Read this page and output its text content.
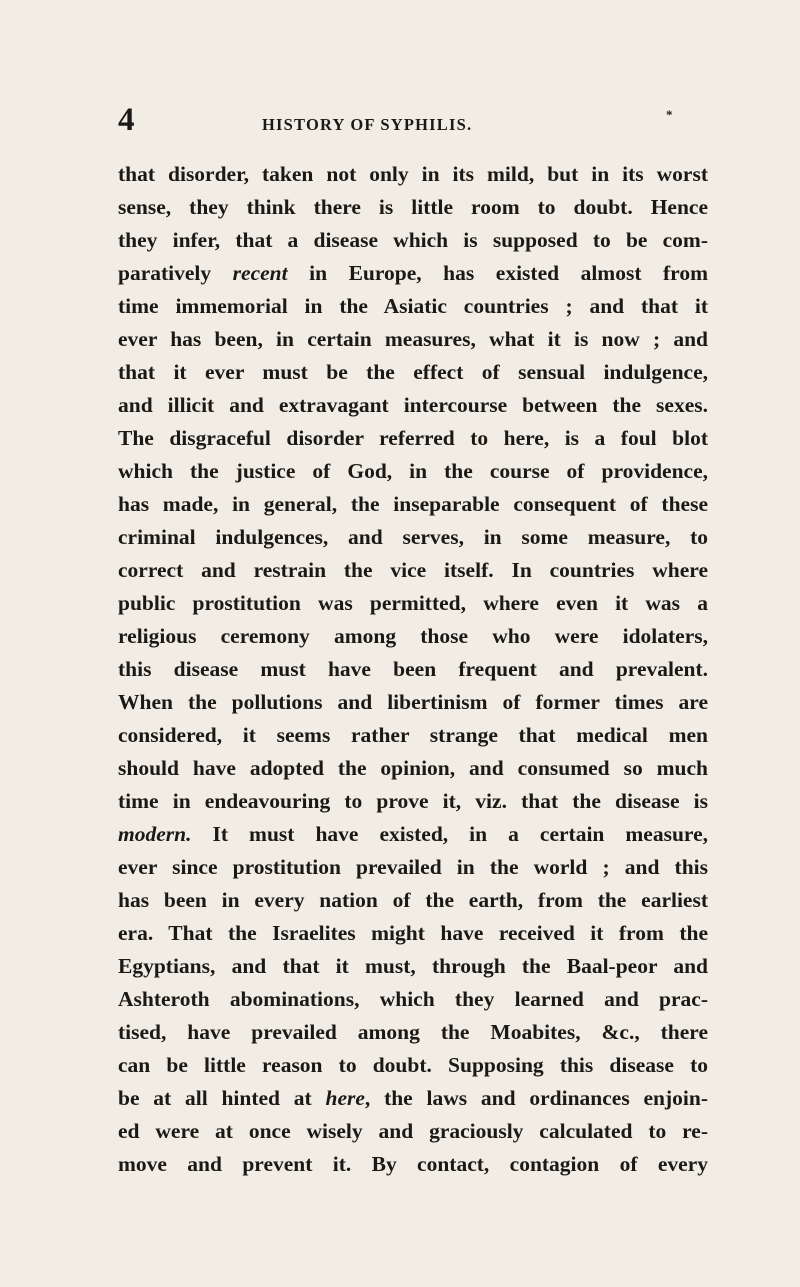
4	HISTORY OF SYPHILIS.
*
that disorder, taken not only in its mild, but in its worst
sense, they think there is little room to doubt. Hence
they infer, that a disease which is supposed to be com-
paratively recent in Europe, has existed almost from
time immemorial in the Asiatic countries ; and that it
ever has been, in certain measures, what it is now ; and
that it ever must be the effect of sensual indulgence,
and illicit and extravagant intercourse between the sexes.
The disgraceful disorder referred to here, is a foul blot
which the justice of God, in the course of providence,
has made, in general, the inseparable consequent of these
criminal indulgences, and serves, in some measure, to
correct and restrain the vice itself. In countries where
public prostitution was permitted, where even it was a
religious ceremony among those who were idolaters,
this disease must have been frequent and prevalent.
When the pollutions and libertinism of former times are
considered, it seems rather strange that medical men
should have adopted the opinion, and consumed so much
time in endeavouring to prove it, viz. that the disease is
modern. It must have existed, in a certain measure,
ever since prostitution prevailed in the world ; and this
has been in every nation of the earth, from the earliest
era. That the Israelites might have received it from the
Egyptians, and that it must, through the Baal-peor and
Ashteroth abominations, which they learned and prac-
tised, have prevailed among the Moabites, &c., there
can be little reason to doubt. Supposing this disease to
be at all hinted at here, the laws and ordinances enjoin-
ed were at once wisely and graciously calculated to re-
move and prevent it. By contact, contagion of every
